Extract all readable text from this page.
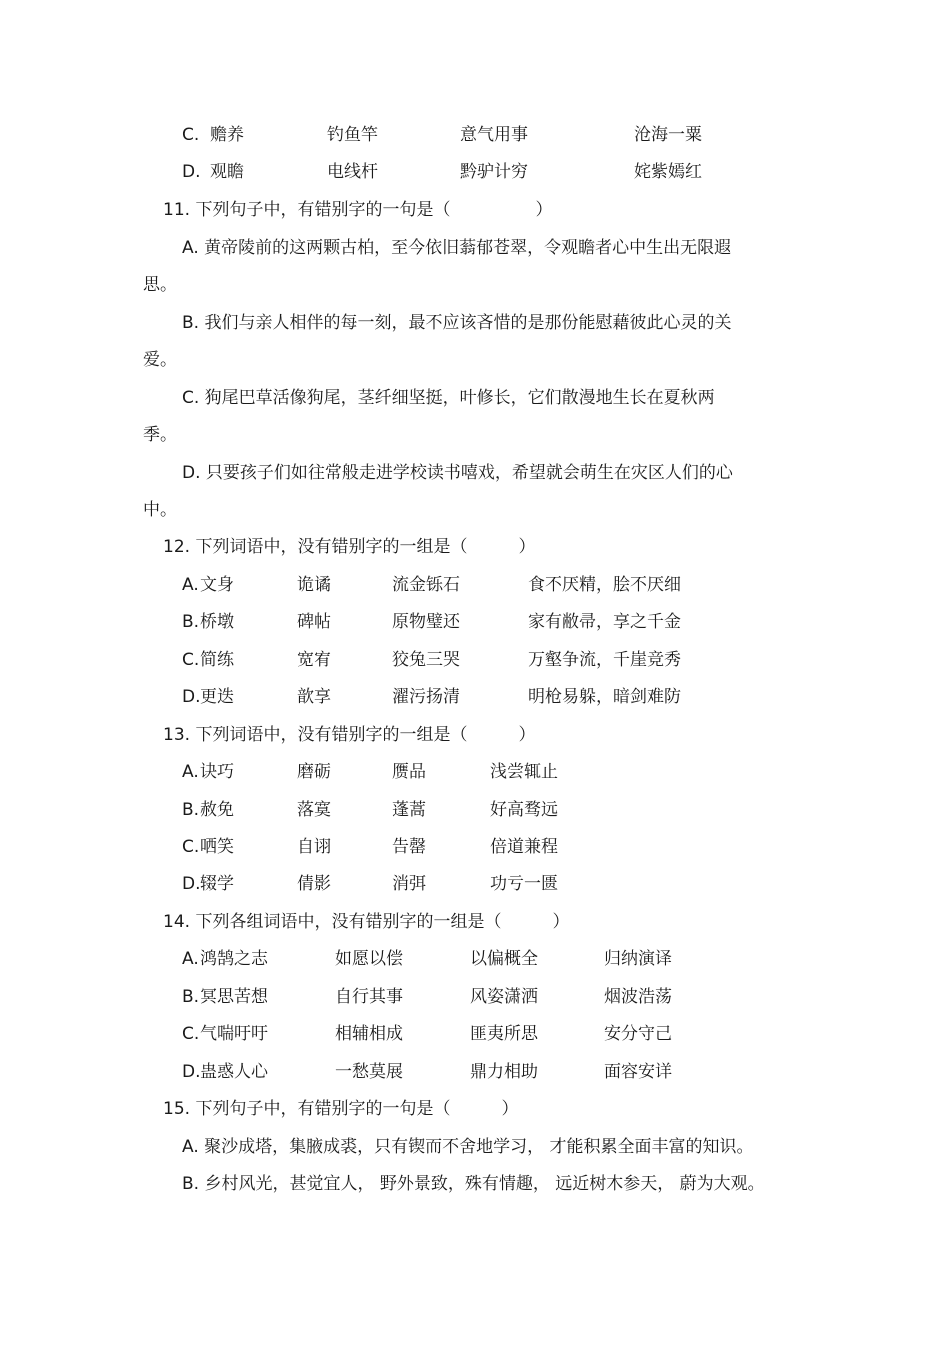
C. 赡养	钓鱼竿	意气用事	沧海一粟
D. 观瞻	电线杆	黔驴计穷	姹紫嫣红
11. 下列句子中，有错别字的一句是（　　　　　）
A. 黄帝陵前的这两颗古柏，至今依旧蓊郁苍翠，令观瞻者心中生出无限遐
思。
B. 我们与亲人相伴的每一刻，最不应该吝惜的是那份能慰藉彼此心灵的关
爱。
C. 狗尾巴草活像狗尾，茎纤细坚挺，叶修长，它们散漫地生长在夏秋两
季。
D. 只要孩子们如往常般走进学校读书嘻戏，希望就会萌生在灾区人们的心
中。
12. 下列词语中，没有错别字的一组是（　　　）
A. 文身	诡谲	流金铄石	食不厌精，脍不厌细
B. 桥墩	碑帖	原物璧还	家有敝帚，享之千金
C. 简练	宽宥	狡兔三哭	万壑争流，千崖竞秀
D. 更迭	歆享	濯污扬清	明枪易躲，暗剑难防
13. 下列词语中，没有错别字的一组是（　　　）
A. 诀巧	磨砺	赝品	浅尝辄止
B. 赦免	落寞	蓬蒿	好高骛远
C. 哂笑	自诩	告罄	倍道兼程
D. 辍学	倩影	消弭	功亏一匮
14. 下列各组词语中，没有错别字的一组是（　　　）
A. 鸿鹄之志	如愿以偿	以偏概全	归纳演译
B. 冥思苦想	自行其事	风姿潇洒	烟波浩荡
C. 气喘吁吁	相辅相成	匪夷所思	安分守己
D. 蛊惑人心	一愁莫展	鼎力相助	面容安详
15. 下列句子中，有错别字的一句是（　　　）
A. 聚沙成塔，集腋成裘，只有锲而不舍地学习， 才能积累全面丰富的知识。
B. 乡村风光，甚觉宜人， 野外景致，殊有情趣， 远近树木参天， 蔚为大观。
